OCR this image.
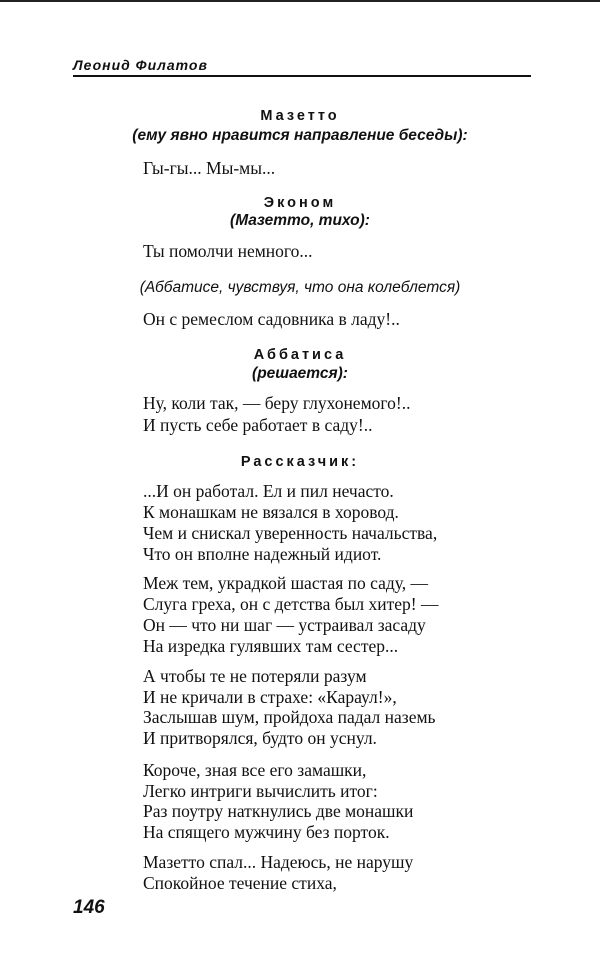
Леонид Филатов
Мазетто
(ему явно нравится направление беседы):
Гы-гы... Мы-мы...
Эконом
(Мазетто, тихо):
Ты помолчи немного...
(Аббатисе, чувствуя, что она колеблется)
Он с ремеслом садовника в ладу!..
Аббатиса
(решается):
Ну, коли так, — беру глухонемого!..
И пусть себе работает в саду!..
Рассказчик:
...И он работал. Ел и пил нечасто.
К монашкам не вязался в хоровод.
Чем и снискал уверенность начальства,
Что он вполне надежный идиот.
Меж тем, украдкой шастая по саду, —
Слуга греха, он с детства был хитер! —
Он — что ни шаг — устраивал засаду
На изредка гулявших там сестер...
А чтобы те не потеряли разум
И не кричали в страхе: «Караул!»,
Заслышав шум, пройдоха падал наземь
И притворялся, будто он уснул.
Короче, зная все его замашки,
Легко интриги вычислить итог:
Раз поутру наткнулись две монашки
На спящего мужчину без порток.
Мазетто спал... Надеюсь, не нарушу
Спокойное течение стиха,
146
